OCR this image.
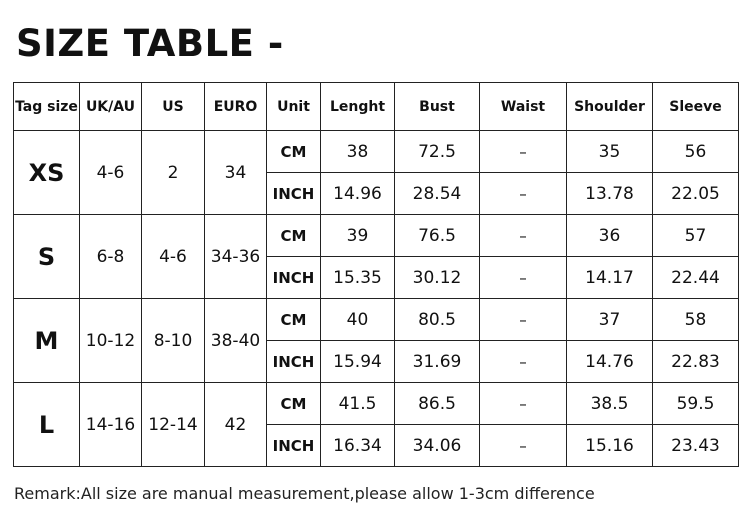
SIZE TABLE -
Tag size	UK/AU	US	EURO	Unit	Lenght	Bust	Waist	Shoulder	Sleeve
XS	4-6	2	34	CM	38	72.5	–	35	56
				INCH	14.96	28.54	–	13.78	22.05
S	6-8	4-6	34-36	CM	39	76.5	–	36	57
				INCH	15.35	30.12	–	14.17	22.44
M	10-12	8-10	38-40	CM	40	80.5	–	37	58
				INCH	15.94	31.69	–	14.76	22.83
L	14-16	12-14	42	CM	41.5	86.5	–	38.5	59.5
				INCH	16.34	34.06	–	15.16	23.43
Remark:All size are manual measurement,please allow 1-3cm difference
